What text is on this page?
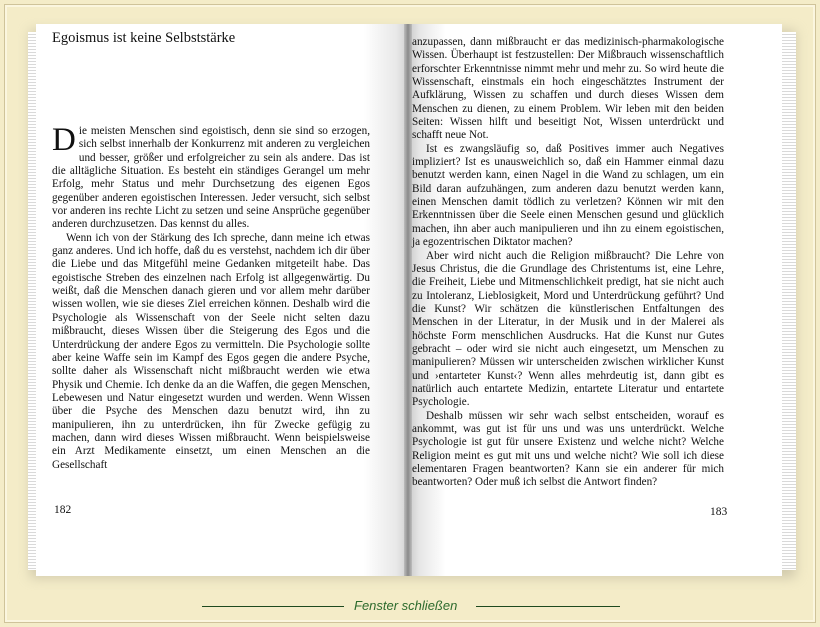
Egoismus ist keine Selbststärke

Die meisten Menschen sind egoistisch, denn sie sind so erzogen, sich selbst innerhalb der Konkurrenz mit anderen zu vergleichen und besser, größer und erfolgreicher zu sein als andere. Das ist die alltägliche Situation. Es besteht ein ständiges Gerangel um mehr Erfolg, mehr Status und mehr Durchsetzung des eigenen Egos gegenüber anderen egoistischen Interessen. Jeder versucht, sich selbst vor anderen ins rechte Licht zu setzen und seine Ansprüche gegenüber anderen durchzusetzen. Das kennst du alles.

Wenn ich von der Stärkung des Ich spreche, dann meine ich etwas ganz anderes. Und ich hoffe, daß du es verstehst, nachdem ich dir über die Liebe und das Mitgefühl meine Gedanken mitgeteilt habe. Das egoistische Streben des einzelnen nach Erfolg ist allgegenwärtig. Du weißt, daß die Menschen danach gieren und vor allem mehr darüber wissen wollen, wie sie dieses Ziel erreichen können. Deshalb wird die Psychologie als Wissenschaft von der Seele nicht selten dazu mißbraucht, dieses Wissen über die Steigerung des Egos und die Unterdrückung der andere Egos zu vermitteln. Die Psychologie sollte aber keine Waffe sein im Kampf des Egos gegen die andere Psyche, sollte daher als Wissenschaft nicht mißbraucht werden wie etwa Physik und Chemie. Ich denke da an die Waffen, die gegen Menschen, Lebewesen und Natur eingesetzt wurden und werden. Wenn Wissen über die Psyche des Menschen dazu benutzt wird, ihn zu manipulieren, ihn zu unterdrücken, ihn für Zwecke gefügig zu machen, dann wird dieses Wissen mißbraucht. Wenn beispielsweise ein Arzt Medikamente einsetzt, um einen Menschen an die Gesellschaft

182

anzupassen, dann mißbraucht er das medizinisch-pharmakologische Wissen. Überhaupt ist festzustellen: Der Mißbrauch wissenschaftlich erforschter Erkenntnisse nimmt mehr und mehr zu. So wird heute die Wissenschaft, einstmals ein hoch eingeschätztes Instrument der Aufklärung, Wissen zu schaffen und durch dieses Wissen dem Menschen zu dienen, zu einem Problem. Wir leben mit den beiden Seiten: Wissen hilft und beseitigt Not, Wissen unterdrückt und schafft neue Not.

Ist es zwangsläufig so, daß Positives immer auch Negatives impliziert? Ist es unausweichlich so, daß ein Hammer einmal dazu benutzt werden kann, einen Nagel in die Wand zu schlagen, um ein Bild daran aufzuhängen, zum anderen dazu benutzt werden kann, einen Menschen damit tödlich zu verletzen? Können wir mit den Erkenntnissen über die Seele einen Menschen gesund und glücklich machen, ihn aber auch manipulieren und ihn zu einem egoistischen, ja egozentrischen Diktator machen?

Aber wird nicht auch die Religion mißbraucht? Die Lehre von Jesus Christus, die die Grundlage des Christentums ist, eine Lehre, die Freiheit, Liebe und Mitmenschlichkeit predigt, hat sie nicht auch zu Intoleranz, Lieblosigkeit, Mord und Unterdrückung geführt? Und die Kunst? Wir schätzen die künstlerischen Entfaltungen des Menschen in der Literatur, in der Musik und in der Malerei als höchste Form menschlichen Ausdrucks. Hat die Kunst nur Gutes gebracht – oder wird sie nicht auch eingesetzt, um Menschen zu manipulieren? Müssen wir unterscheiden zwischen wirklicher Kunst und ›entarteter Kunst‹? Wenn alles mehrdeutig ist, dann gibt es natürlich auch entartete Medizin, entartete Literatur und entartete Psychologie.

Deshalb müssen wir sehr wach selbst entscheiden, worauf es ankommt, was gut ist für uns und was uns unterdrückt. Welche Psychologie ist gut für unsere Existenz und welche nicht? Welche Religion meint es gut mit uns und welche nicht? Wie soll ich diese elementaren Fragen beantworten? Kann sie ein anderer für mich beantworten? Oder muß ich selbst die Antwort finden?

183
Fenster schließen
